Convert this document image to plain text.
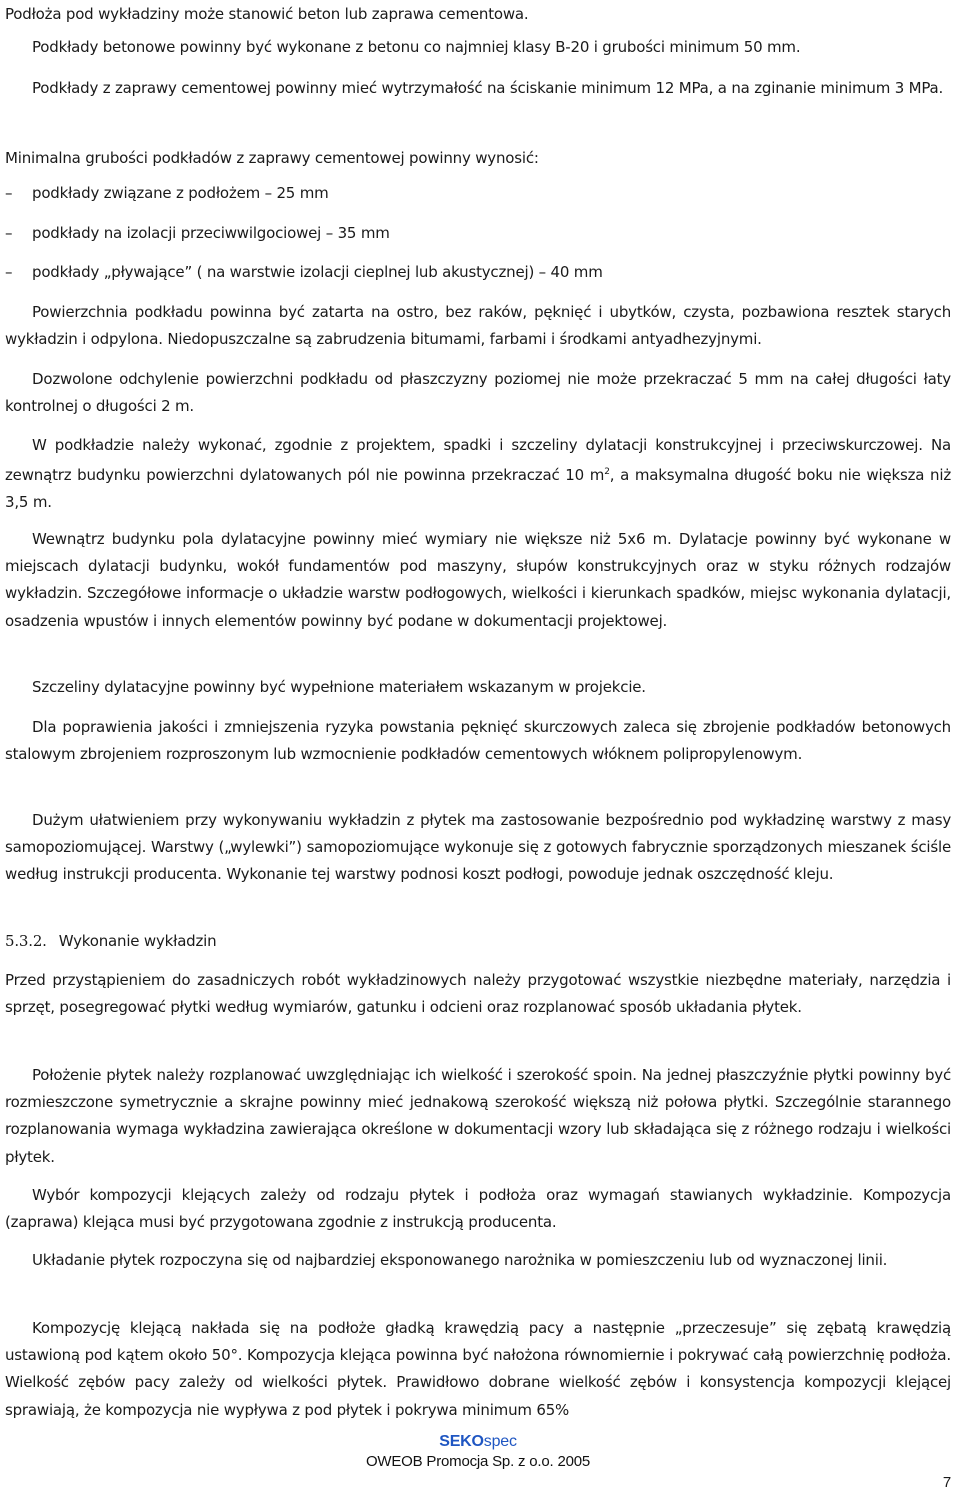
Podłoża pod wykładziny może stanowić beton lub zaprawa cementowa.

Podkłady betonowe powinny być wykonane z betonu co najmniej klasy B-20 i grubości minimum 50 mm.

Podkłady z zaprawy cementowej powinny mieć wytrzymałość na ściskanie minimum 12 MPa, a na zginanie minimum 3 MPa.

Minimalna grubości podkładów z zaprawy cementowej powinny wynosić:

– podkłady związane z podłożem – 25 mm
– podkłady na izolacji przeciwwilgociowej – 35 mm
– podkłady „pływające” ( na warstwie izolacji cieplnej lub akustycznej) – 40 mm

Powierzchnia podkładu powinna być zatarta na ostro, bez raków, pęknięć i ubytków, czysta, pozbawiona resztek starych wykładzin i odpylona. Niedopuszczalne są zabrudzenia bitumami, farbami i środkami antyadhezyjnymi.

Dozwolone odchylenie powierzchni podkładu od płaszczyzny poziomej nie może przekraczać 5 mm na całej długości łaty kontrolnej o długości 2 m.

W podkładzie należy wykonać, zgodnie z projektem, spadki i szczeliny dylatacji konstrukcyjnej i przeciwskurczowej. Na zewnątrz budynku powierzchni dylatowanych pól nie powinna przekraczać 10 $m^2$, a maksymalna długość boku nie większa niż 3,5 m.

Wewnątrz budynku pola dylatacyjne powinny mieć wymiary nie większe niż 5x6 m. Dylatacje powinny być wykonane w miejscach dylatacji budynku, wokół fundamentów pod maszyny, słupów konstrukcyjnych oraz w styku różnych rodzajów wykładzin. Szczegółowe informacje o układzie warstw podłogowych, wielkości i kierunkach spadków, miejsc wykonania dylatacji, osadzenia wpustów i innych elementów powinny być podane w dokumentacji projektowej.

Szczeliny dylatacyjne powinny być wypełnione materiałem wskazanym w projekcie.

Dla poprawienia jakości i zmniejszenia ryzyka powstania pęknięć skurczowych zaleca się zbrojenie podkładów betonowych stalowym zbrojeniem rozproszonym lub wzmocnienie podkładów cementowych włóknem polipropylenowym.

Dużym ułatwieniem przy wykonywaniu wykładzin z płytek ma zastosowanie bezpośrednio pod wykładzinę warstwy z masy samopoziomującej. Warstwy („wylewki”) samopoziomujące wykonuje się z gotowych fabrycznie sporządzonych mieszanek ściśle według instrukcji producenta. Wykonanie tej warstwy podnosi koszt podłogi, powoduje jednak oszczędność kleju.

5.3.2. Wykonanie wykładzin

Przed przystąpieniem do zasadniczych robót wykładzinowych należy przygotować wszystkie niezbędne materiały, narzędzia i sprzęt, posegregować płytki według wymiarów, gatunku i odcieni oraz rozplanować sposób układania płytek.

Położenie płytek należy rozplanować uwzględniając ich wielkość i szerokość spoin. Na jednej płaszczyźnie płytki powinny być rozmieszczone symetrycznie a skrajne powinny mieć jednakową szerokość większą niż połowa płytki. Szczególnie starannego rozplanowania wymaga wykładzina zawierająca określone w dokumentacji wzory lub składająca się z różnego rodzaju i wielkości płytek.

Wybór kompozycji klejących zależy od rodzaju płytek i podłoża oraz wymagań stawianych wykładzinie. Kompozycja (zaprawa) klejąca musi być przygotowana zgodnie z instrukcją producenta.

Układanie płytek rozpoczyna się od najbardziej eksponowanego narożnika w pomieszczeniu lub od wyznaczonej linii.

Kompozycję klejącą nakłada się na podłoże gładką krawędzią pacy a następnie „przeczesuje” się zębatą krawędzią ustawioną pod kątem około 50°. Kompozycja klejąca powinna być nałożona równomiernie i pokrywać całą powierzchnię podłoża. Wielkość zębów pacy zależy od wielkości płytek. Prawidłowo dobrane wielkość zębów i konsystencja kompozycji klejącej sprawiają, że kompozycja nie wypływa z pod płytek i pokrywa minimum 65%

SEKOspec
OWEOB Promocja Sp. z o.o. 2005
7
